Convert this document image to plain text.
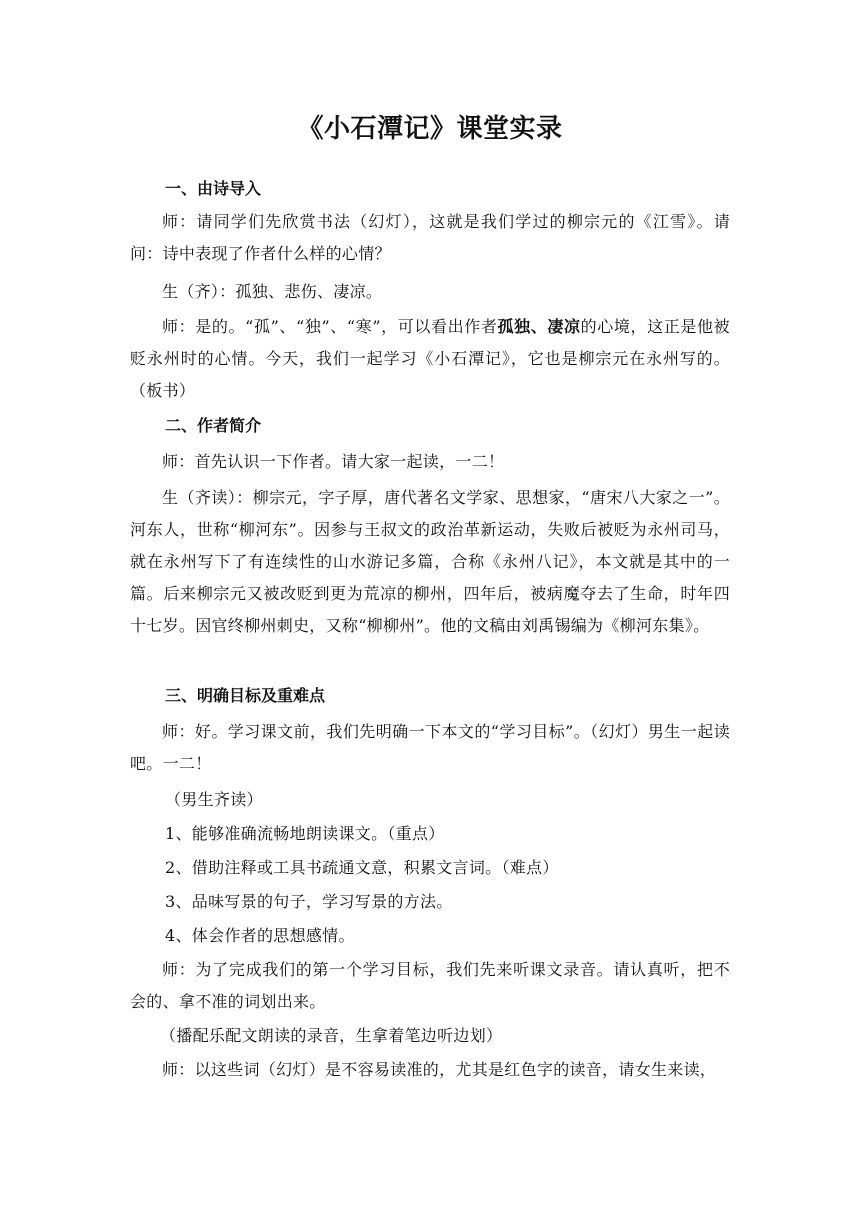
《小石潭记》课堂实录
一、由诗导入
师：请同学们先欣赏书法（幻灯），这就是我们学过的柳宗元的《江雪》。请问：诗中表现了作者什么样的心情？
生（齐）：孤独、悲伤、凄凉。
师：是的。“孤”、“独”、“寒”，可以看出作者孤独、凄凉的心境，这正是他被贬永州时的心情。今天，我们一起学习《小石潭记》，它也是柳宗元在永州写的。（板书）
二、作者简介
师：首先认识一下作者。请大家一起读，一二！
生（齐读）：柳宗元，字子厚，唐代著名文学家、思想家，“唐宋八大家之一”。河东人，世称“柳河东”。因参与王叔文的政治革新运动，失败后被贬为永州司马，就在永州写下了有连续性的山水游记多篇，合称《永州八记》，本文就是其中的一篇。后来柳宗元又被改贬到更为荒凉的柳州，四年后，被病魔夺去了生命，时年四十七岁。因官终柳州刺史，又称“柳柳州”。他的文稿由刘禹锡编为《柳河东集》。
三、明确目标及重难点
师：好。学习课文前，我们先明确一下本文的“学习目标”。（幻灯）男生一起读吧。一二！
（男生齐读）
1、能够准确流畅地朗读课文。（重点）
2、借助注释或工具书疏通文意，积累文言词。（难点）
3、品味写景的句子，学习写景的方法。
4、体会作者的思想感情。
师：为了完成我们的第一个学习目标，我们先来听课文录音。请认真听，把不会的、拿不准的词划出来。
（播配乐配文朗读的录音，生拿着笔边听边划）
师：以这些词（幻灯）是不容易读准的，尤其是红色字的读音，请女生来读，
